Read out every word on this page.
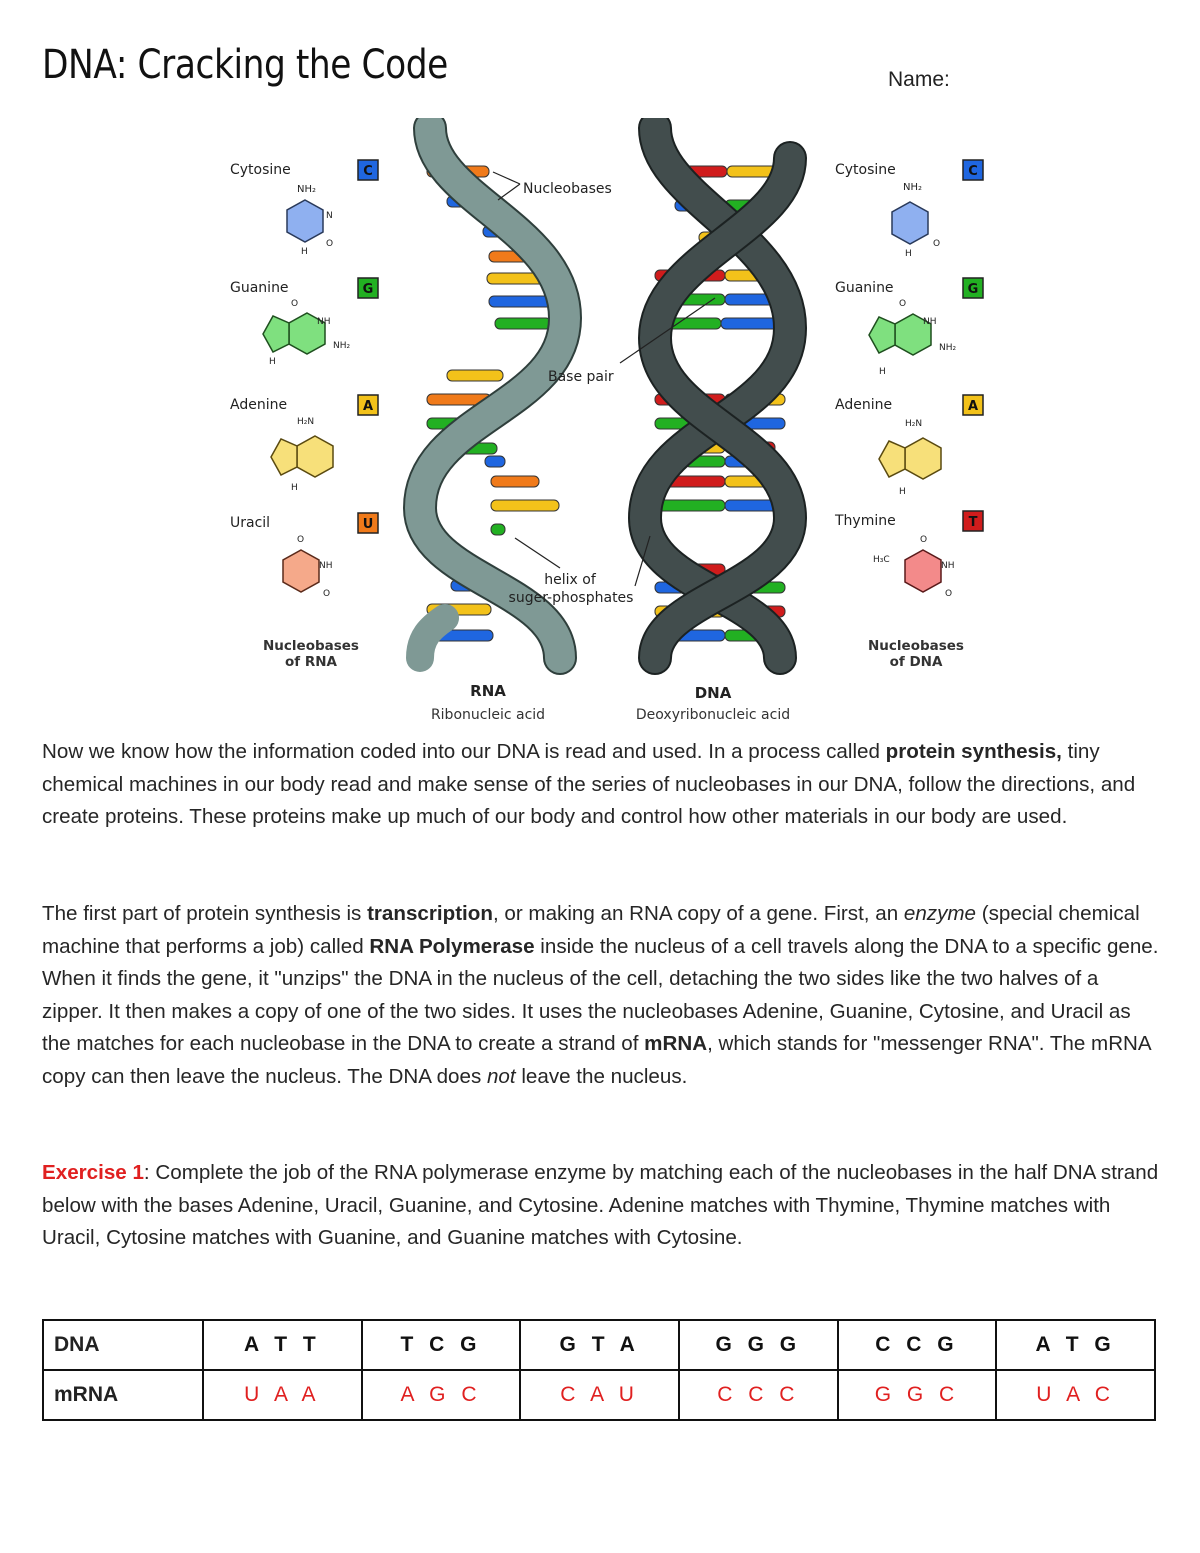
DNA: Cracking the Code	Name:
Cytosine	C
NH₂
N
O
H
Guanine	G
O
NH
NH₂
H
Adenine	A
H₂N
H
Uracil	U
O
NH
O
Nucleobases
of RNA
Nucleobases
Base pair
helix of
suger-phosphates
RNA
Ribonucleic acid
DNA
Deoxyribonucleic acid
Cytosine	C
NH₂
O
H
Guanine	G
O
NH
NH₂
H
Adenine	A
H₂N
H
Thymine	T
O
H₃C
NH
O
Nucleobases
of DNA
Now we know how the information coded into our DNA is read and used. In a process called protein synthesis, tiny chemical machines in our body read and make sense of the series of nucleobases in our DNA, follow the directions, and create proteins. These proteins make up much of our body and control how other materials in our body are used.
The first part of protein synthesis is transcription, or making an RNA copy of a gene. First, an enzyme (special chemical machine that performs a job) called RNA Polymerase inside the nucleus of a cell travels along the DNA to a specific gene. When it finds the gene, it "unzips" the DNA in the nucleus of the cell, detaching the two sides like the two halves of a zipper. It then makes a copy of one of the two sides. It uses the nucleobases Adenine, Guanine, Cytosine, and Uracil as the matches for each nucleobase in the DNA to create a strand of mRNA, which stands for "messenger RNA". The mRNA copy can then leave the nucleus. The DNA does not leave the nucleus.
Exercise 1: Complete the job of the RNA polymerase enzyme by matching each of the nucleobases in the half DNA strand below with the bases Adenine, Uracil, Guanine, and Cytosine. Adenine matches with Thymine, Thymine matches with Uracil, Cytosine matches with Guanine, and Guanine matches with Cytosine.
DNA	A T T	T C G	G T A	G G G	C C G	A T G
mRNA	U A A	A G C	C A U	C C C	G G C	U A C
